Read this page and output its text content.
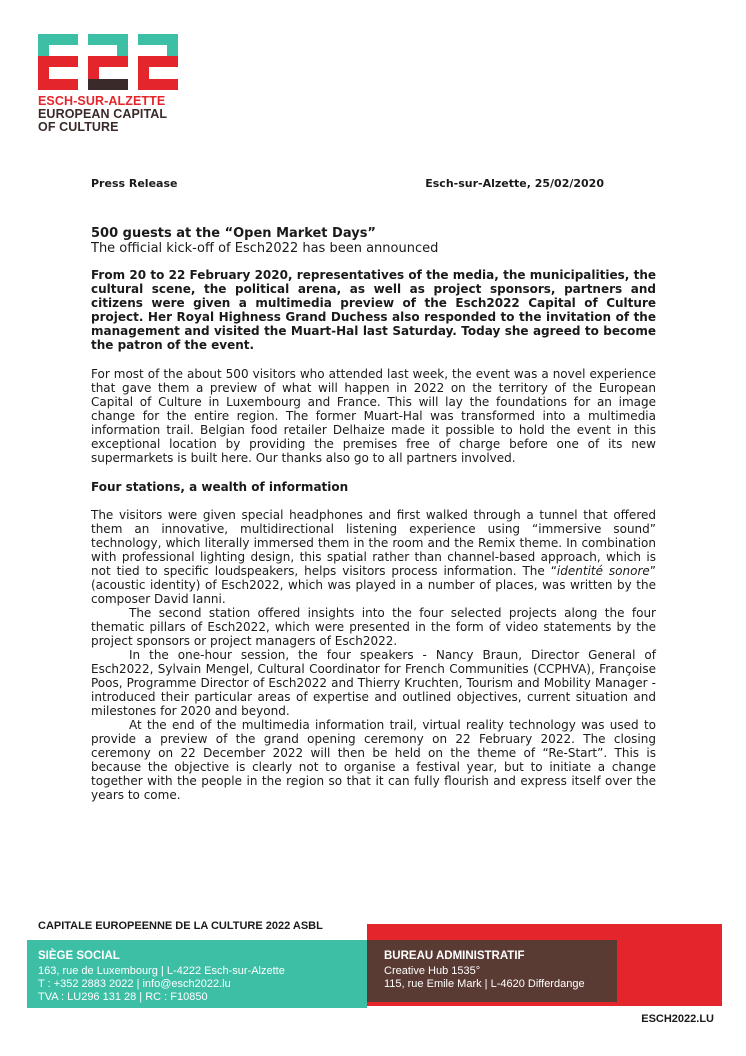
ESCH-SUR-ALZETTE
EUROPEAN CAPITAL
OF CULTURE
Press Release	Esch-sur-Alzette, 25/02/2020
500 guests at the “Open Market Days”
The official kick-off of Esch2022 has been announced

From 20 to 22 February 2020, representatives of the media, the municipalities, the cultural scene, the political arena, as well as project sponsors, partners and citizens were given a multimedia preview of the Esch2022 Capital of Culture project. Her Royal Highness Grand Duchess also responded to the invitation of the management and visited the Muart-Hal last Saturday. Today she agreed to become the patron of the event.

For most of the about 500 visitors who attended last week, the event was a novel experience that gave them a preview of what will happen in 2022 on the territory of the European Capital of Culture in Luxembourg and France. This will lay the foundations for an image change for the entire region. The former Muart-Hal was transformed into a multimedia information trail. Belgian food retailer Delhaize made it possible to hold the event in this exceptional location by providing the premises free of charge before one of its new supermarkets is built here. Our thanks also go to all partners involved.

Four stations, a wealth of information

The visitors were given special headphones and first walked through a tunnel that offered them an innovative, multidirectional listening experience using “immersive sound” technology, which literally immersed them in the room and the Remix theme. In combination with professional lighting design, this spatial rather than channel-based approach, which is not tied to specific loudspeakers, helps visitors process information. The “identité sonore” (acoustic identity) of Esch2022, which was played in a number of places, was written by the composer David Ianni.

The second station offered insights into the four selected projects along the four thematic pillars of Esch2022, which were presented in the form of video statements by the project sponsors or project managers of Esch2022.

In the one-hour session, the four speakers - Nancy Braun, Director General of Esch2022, Sylvain Mengel, Cultural Coordinator for French Communities (CCPHVA), Françoise Poos, Programme Director of Esch2022 and Thierry Kruchten, Tourism and Mobility Manager - introduced their particular areas of expertise and outlined objectives, current situation and milestones for 2020 and beyond.

At the end of the multimedia information trail, virtual reality technology was used to provide a preview of the grand opening ceremony on 22 February 2022. The closing ceremony on 22 December 2022 will then be held on the theme of “Re-Start”. This is because the objective is clearly not to organise a festival year, but to initiate a change together with the people in the region so that it can fully flourish and express itself over the years to come.

CAPITALE EUROPEENNE DE LA CULTURE 2022 ASBL
SIÈGE SOCIAL
163, rue de Luxembourg | L-4222 Esch-sur-Alzette
T : +352 2883 2022 | info@esch2022.lu
TVA : LU296 131 28 | RC : F10850
BUREAU ADMINISTRATIF
Creative Hub 1535°
115, rue Emile Mark | L-4620 Differdange
ESCH2022.LU
